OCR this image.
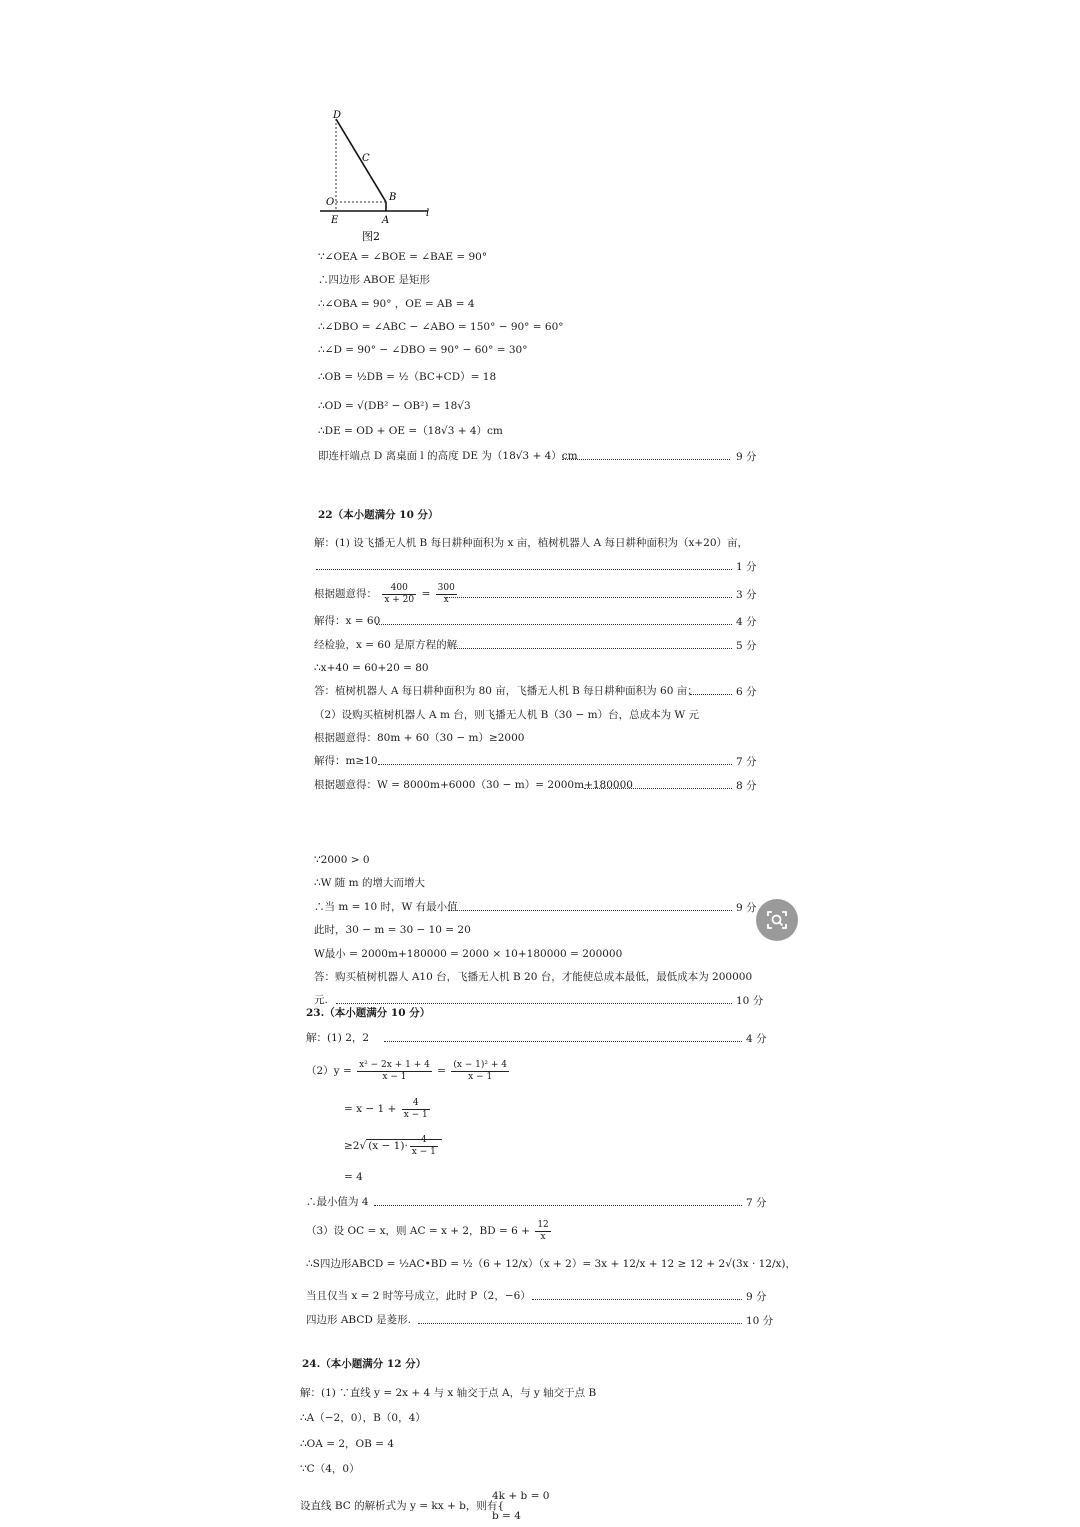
D
C
B
O
E	A
l
图2
∵∠OEA = ∠BOE = ∠BAE = 90°
∴四边形 ABOE 是矩形
∴∠OBA = 90° ，OE = AB = 4
∴∠DBO = ∠ABC − ∠ABO = 150° − 90° = 60°
∴∠D = 90° − ∠DBO = 90° − 60° = 30°
∴OB = ½DB = ½（BC+CD）= 18
∴OD = √(DB² − OB²) = 18√3
∴DE = OD + OE =（18√3 + 4）cm
即连杆端点 D 离桌面 l 的高度 DE 为（18√3 + 4）cm	9 分
22（本小题满分 10 分）
解：(1) 设飞播无人机 B 每日耕种面积为 x 亩，植树机器人 A 每日耕种面积为（x+20）亩，
1 分
根据题意得： $\frac{400}{x + 20} = \frac{300}{x}$	3 分
解得：x = 60	4 分
经检验，x = 60 是原方程的解	5 分
∴x+40 = 60+20 = 80
答：植树机器人 A 每日耕种面积为 80 亩，飞播无人机 B 每日耕种面积为 60 亩；	6 分
（2）设购买植树机器人 A m 台，则飞播无人机 B（30 − m）台，总成本为 W 元
根据题意得：80m + 60（30 − m）≥2000
解得：m≥10	7 分
根据题意得：W = 8000m+6000（30 − m）= 2000m+180000	8 分
∵2000 > 0
∴W 随 m 的增大而增大
∴当 m = 10 时，W 有最小值	9 分
此时，30 − m = 30 − 10 = 20
W最小 = 2000m+180000 = 2000 × 10+180000 = 200000
答：购买植树机器人 A10 台，飞播无人机 B 20 台，才能使总成本最低，最低成本为 200000
元.	10 分
23.（本小题满分 10 分）
解：(1) 2，2	4 分
$(2)y = \frac{\text{x² − 2x + 1 + 4}}{x - 1} = \frac{\text{(x − 1)² + 4}}{x - 1}$
= $x - 1 + \frac{4}{x - 1}$
≥2√ $(x - 1)\cdot \frac{4}{x - 1}$
= 4
∴最小值为 4	7 分
（3）设 OC = x，则 AC = x + 2，BD = $6 + \frac{12}{x}$
∴S四边形ABCD = ½AC•BD = ½（6 + 12/x）（x + 2）= 3x + 12/x + 12 ≥ 12 + 2√(3x · 12/x)，
当且仅当 x = 2 时等号成立，此时 P（2，−6）	9 分
四边形 ABCD 是菱形.	10 分
24.（本小题满分 12 分）
解：(1) ∵直线 y = 2x + 4 与 x 轴交于点 A，与 y 轴交于点 B
∴A（−2，0），B（0，4）
∴OA = 2，OB = 4
∵C（4，0）
设直线 BC 的解析式为 y = kx + b，则有{
4k + b = 0
b = 4
